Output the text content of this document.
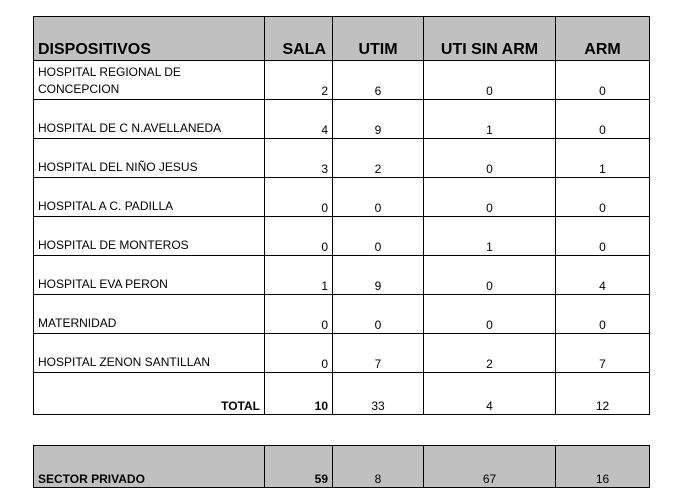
DISPOSITIVOS	SALA	UTIM	UTI SIN ARM	ARM
HOSPITAL REGIONAL DE CONCEPCION	2	6	0	0
HOSPITAL DE C N.AVELLANEDA	4	9	1	0
HOSPITAL DEL NIÑO JESUS	3	2	0	1
HOSPITAL A C. PADILLA	0	0	0	0
HOSPITAL DE MONTEROS	0	0	1	0
HOSPITAL EVA PERON	1	9	0	4
MATERNIDAD	0	0	0	0
HOSPITAL ZENON SANTILLAN	0	7	2	7
TOTAL	10	33	4	12
SECTOR PRIVADO	59	8	67	16
